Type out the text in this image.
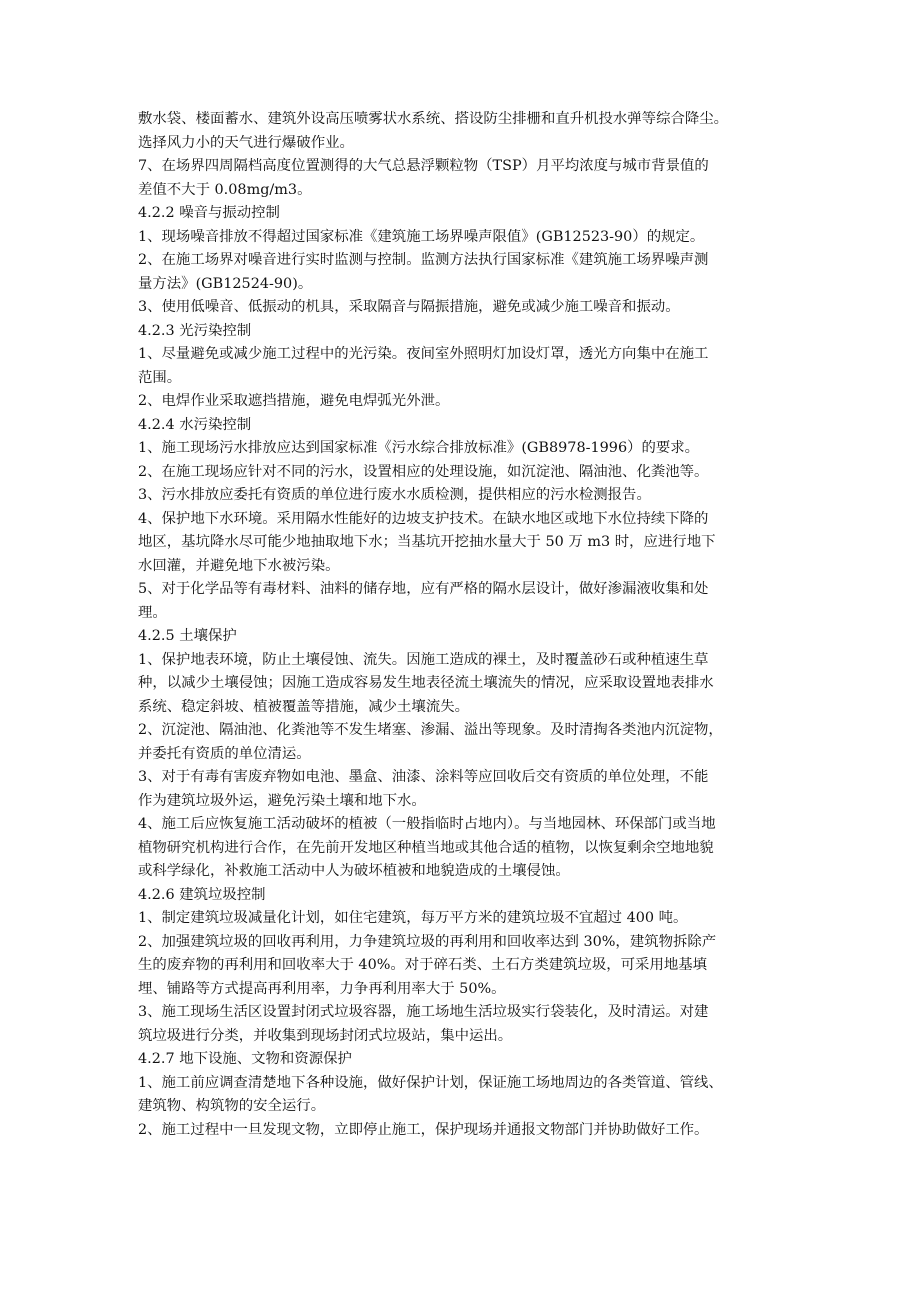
敷水袋、楼面蓄水、建筑外设高压喷雾状水系统、搭设防尘排栅和直升机投水弹等综合降尘。
选择风力小的天气进行爆破作业。
7、在场界四周隔档高度位置测得的大气总悬浮颗粒物（TSP）月平均浓度与城市背景值的
差值不大于 0.08mg/m3。
4.2.2 噪音与振动控制
1、现场噪音排放不得超过国家标准《建筑施工场界噪声限值》(GB12523-90）的规定。
2、在施工场界对噪音进行实时监测与控制。监测方法执行国家标准《建筑施工场界噪声测
量方法》(GB12524-90)。
3、使用低噪音、低振动的机具，采取隔音与隔振措施，避免或减少施工噪音和振动。
4.2.3 光污染控制
1、尽量避免或减少施工过程中的光污染。夜间室外照明灯加设灯罩，透光方向集中在施工
范围。
2、电焊作业采取遮挡措施，避免电焊弧光外泄。
4.2.4 水污染控制
1、施工现场污水排放应达到国家标准《污水综合排放标准》(GB8978-1996）的要求。
2、在施工现场应针对不同的污水，设置相应的处理设施，如沉淀池、隔油池、化粪池等。
3、污水排放应委托有资质的单位进行废水水质检测，提供相应的污水检测报告。
4、保护地下水环境。采用隔水性能好的边坡支护技术。在缺水地区或地下水位持续下降的
地区，基坑降水尽可能少地抽取地下水；当基坑开挖抽水量大于 50 万 m3 时，应进行地下
水回灌，并避免地下水被污染。
5、对于化学品等有毒材料、油料的储存地，应有严格的隔水层设计，做好渗漏液收集和处
理。
4.2.5 土壤保护
1、保护地表环境，防止土壤侵蚀、流失。因施工造成的裸土，及时覆盖砂石或种植速生草
种，以减少土壤侵蚀；因施工造成容易发生地表径流土壤流失的情况，应采取设置地表排水
系统、稳定斜坡、植被覆盖等措施，减少土壤流失。
2、沉淀池、隔油池、化粪池等不发生堵塞、渗漏、溢出等现象。及时清掏各类池内沉淀物，
并委托有资质的单位清运。
3、对于有毒有害废弃物如电池、墨盒、油漆、涂料等应回收后交有资质的单位处理，不能
作为建筑垃圾外运，避免污染土壤和地下水。
4、施工后应恢复施工活动破坏的植被（一般指临时占地内）。与当地园林、环保部门或当地
植物研究机构进行合作，在先前开发地区种植当地或其他合适的植物，以恢复剩余空地地貌
或科学绿化，补救施工活动中人为破坏植被和地貌造成的土壤侵蚀。
4.2.6 建筑垃圾控制
1、制定建筑垃圾减量化计划，如住宅建筑，每万平方米的建筑垃圾不宜超过 400 吨。
2、加强建筑垃圾的回收再利用，力争建筑垃圾的再利用和回收率达到 30%，建筑物拆除产
生的废弃物的再利用和回收率大于 40%。对于碎石类、土石方类建筑垃圾，可采用地基填
埋、铺路等方式提高再利用率，力争再利用率大于 50%。
3、施工现场生活区设置封闭式垃圾容器，施工场地生活垃圾实行袋装化，及时清运。对建
筑垃圾进行分类，并收集到现场封闭式垃圾站，集中运出。
4.2.7 地下设施、文物和资源保护
1、施工前应调查清楚地下各种设施，做好保护计划，保证施工场地周边的各类管道、管线、
建筑物、构筑物的安全运行。
2、施工过程中一旦发现文物，立即停止施工，保护现场并通报文物部门并协助做好工作。
